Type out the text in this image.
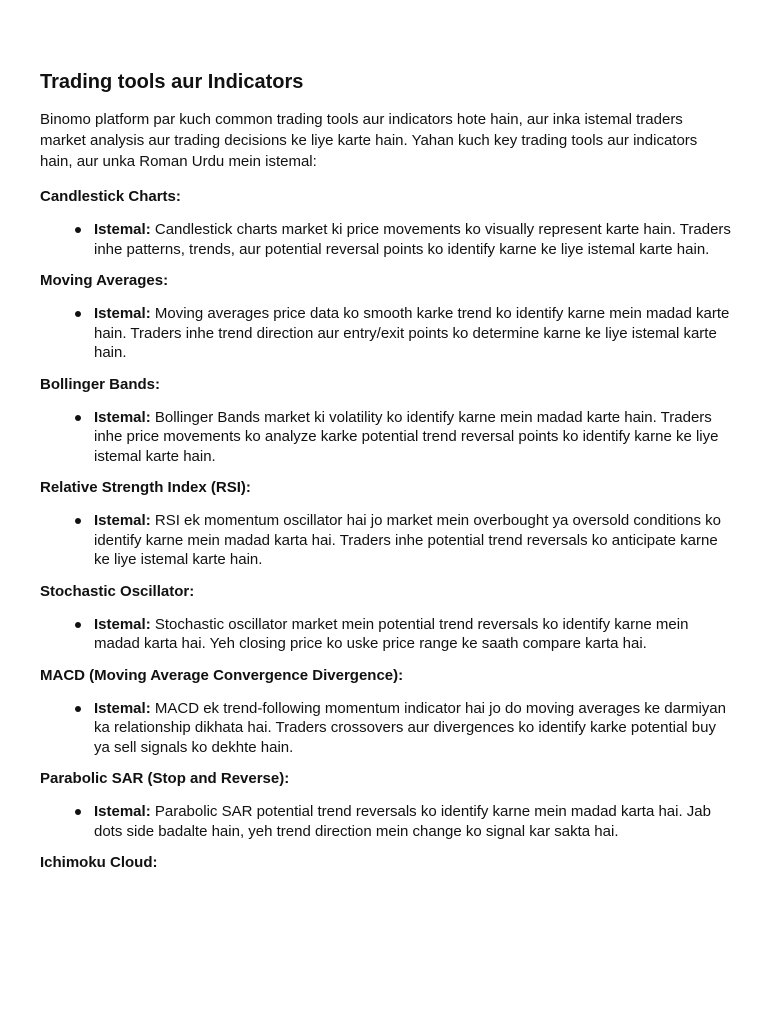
Trading tools aur Indicators

Binomo platform par kuch common trading tools aur indicators hote hain, aur inka istemal traders market analysis aur trading decisions ke liye karte hain. Yahan kuch key trading tools aur indicators hain, aur unka Roman Urdu mein istemal:

Candlestick Charts:
Istemal: Candlestick charts market ki price movements ko visually represent karte hain. Traders inhe patterns, trends, aur potential reversal points ko identify karne ke liye istemal karte hain.
Moving Averages:
Istemal: Moving averages price data ko smooth karke trend ko identify karne mein madad karte hain. Traders inhe trend direction aur entry/exit points ko determine karne ke liye istemal karte hain.
Bollinger Bands:
Istemal: Bollinger Bands market ki volatility ko identify karne mein madad karte hain. Traders inhe price movements ko analyze karke potential trend reversal points ko identify karne ke liye istemal karte hain.
Relative Strength Index (RSI):
Istemal: RSI ek momentum oscillator hai jo market mein overbought ya oversold conditions ko identify karne mein madad karta hai. Traders inhe potential trend reversals ko anticipate karne ke liye istemal karte hain.
Stochastic Oscillator:
Istemal: Stochastic oscillator market mein potential trend reversals ko identify karne mein madad karta hai. Yeh closing price ko uske price range ke saath compare karta hai.
MACD (Moving Average Convergence Divergence):
Istemal: MACD ek trend-following momentum indicator hai jo do moving averages ke darmiyan ka relationship dikhata hai. Traders crossovers aur divergences ko identify karke potential buy ya sell signals ko dekhte hain.
Parabolic SAR (Stop and Reverse):
Istemal: Parabolic SAR potential trend reversals ko identify karne mein madad karta hai. Jab dots side badalte hain, yeh trend direction mein change ko signal kar sakta hai.
Ichimoku Cloud:
